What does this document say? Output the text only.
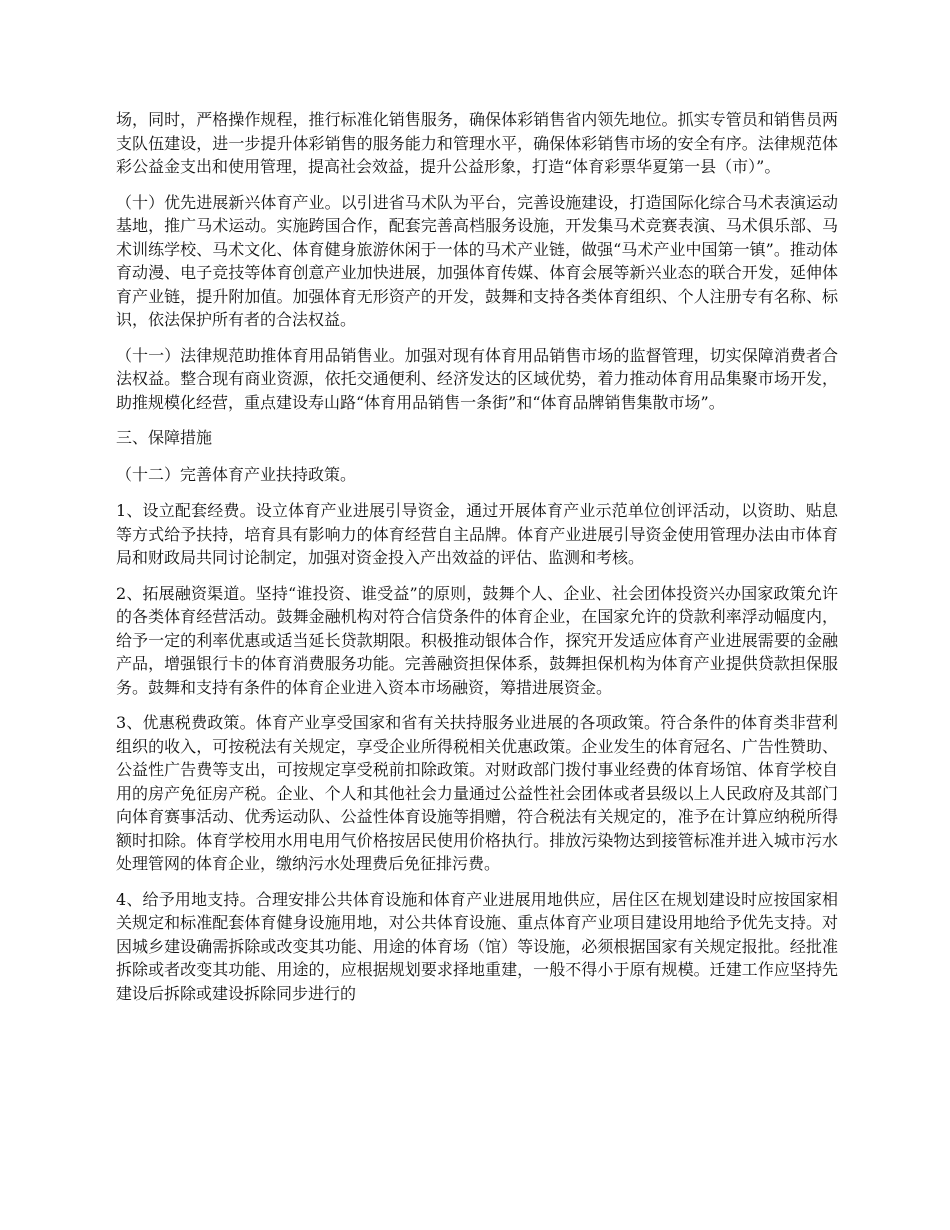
场，同时，严格操作规程，推行标准化销售服务，确保体彩销售省内领先地位。抓实专管员和销售员两支队伍建设，进一步提升体彩销售的服务能力和管理水平，确保体彩销售市场的安全有序。法律规范体彩公益金支出和使用管理，提高社会效益，提升公益形象，打造“体育彩票华夏第一县（市）”。

（十）优先进展新兴体育产业。以引进省马术队为平台，完善设施建设，打造国际化综合马术表演运动基地，推广马术运动。实施跨国合作，配套完善高档服务设施，开发集马术竞赛表演、马术俱乐部、马术训练学校、马术文化、体育健身旅游休闲于一体的马术产业链，做强“马术产业中国第一镇”。推动体育动漫、电子竞技等体育创意产业加快进展，加强体育传媒、体育会展等新兴业态的联合开发，延伸体育产业链，提升附加值。加强体育无形资产的开发，鼓舞和支持各类体育组织、个人注册专有名称、标识，依法保护所有者的合法权益。

（十一）法律规范助推体育用品销售业。加强对现有体育用品销售市场的监督管理，切实保障消费者合法权益。整合现有商业资源，依托交通便利、经济发达的区域优势，着力推动体育用品集聚市场开发，助推规模化经营，重点建设寿山路“体育用品销售一条街”和“体育品牌销售集散市场”。

三、保障措施

（十二）完善体育产业扶持政策。

1、设立配套经费。设立体育产业进展引导资金，通过开展体育产业示范单位创评活动，以资助、贴息等方式给予扶持，培育具有影响力的体育经营自主品牌。体育产业进展引导资金使用管理办法由市体育局和财政局共同讨论制定，加强对资金投入产出效益的评估、监测和考核。

2、拓展融资渠道。坚持“谁投资、谁受益”的原则，鼓舞个人、企业、社会团体投资兴办国家政策允许的各类体育经营活动。鼓舞金融机构对符合信贷条件的体育企业，在国家允许的贷款利率浮动幅度内，给予一定的利率优惠或适当延长贷款期限。积极推动银体合作，探究开发适应体育产业进展需要的金融产品，增强银行卡的体育消费服务功能。完善融资担保体系，鼓舞担保机构为体育产业提供贷款担保服务。鼓舞和支持有条件的体育企业进入资本市场融资，筹措进展资金。

3、优惠税费政策。体育产业享受国家和省有关扶持服务业进展的各项政策。符合条件的体育类非营利组织的收入，可按税法有关规定，享受企业所得税相关优惠政策。企业发生的体育冠名、广告性赞助、公益性广告费等支出，可按规定享受税前扣除政策。对财政部门拨付事业经费的体育场馆、体育学校自用的房产免征房产税。企业、个人和其他社会力量通过公益性社会团体或者县级以上人民政府及其部门向体育赛事活动、优秀运动队、公益性体育设施等捐赠，符合税法有关规定的，准予在计算应纳税所得额时扣除。体育学校用水用电用气价格按居民使用价格执行。排放污染物达到接管标准并进入城市污水处理管网的体育企业，缴纳污水处理费后免征排污费。

4、给予用地支持。合理安排公共体育设施和体育产业进展用地供应，居住区在规划建设时应按国家相关规定和标准配套体育健身设施用地，对公共体育设施、重点体育产业项目建设用地给予优先支持。对因城乡建设确需拆除或改变其功能、用途的体育场（馆）等设施，必须根据国家有关规定报批。经批准拆除或者改变其功能、用途的，应根据规划要求择地重建，一般不得小于原有规模。迁建工作应坚持先建设后拆除或建设拆除同步进行的
